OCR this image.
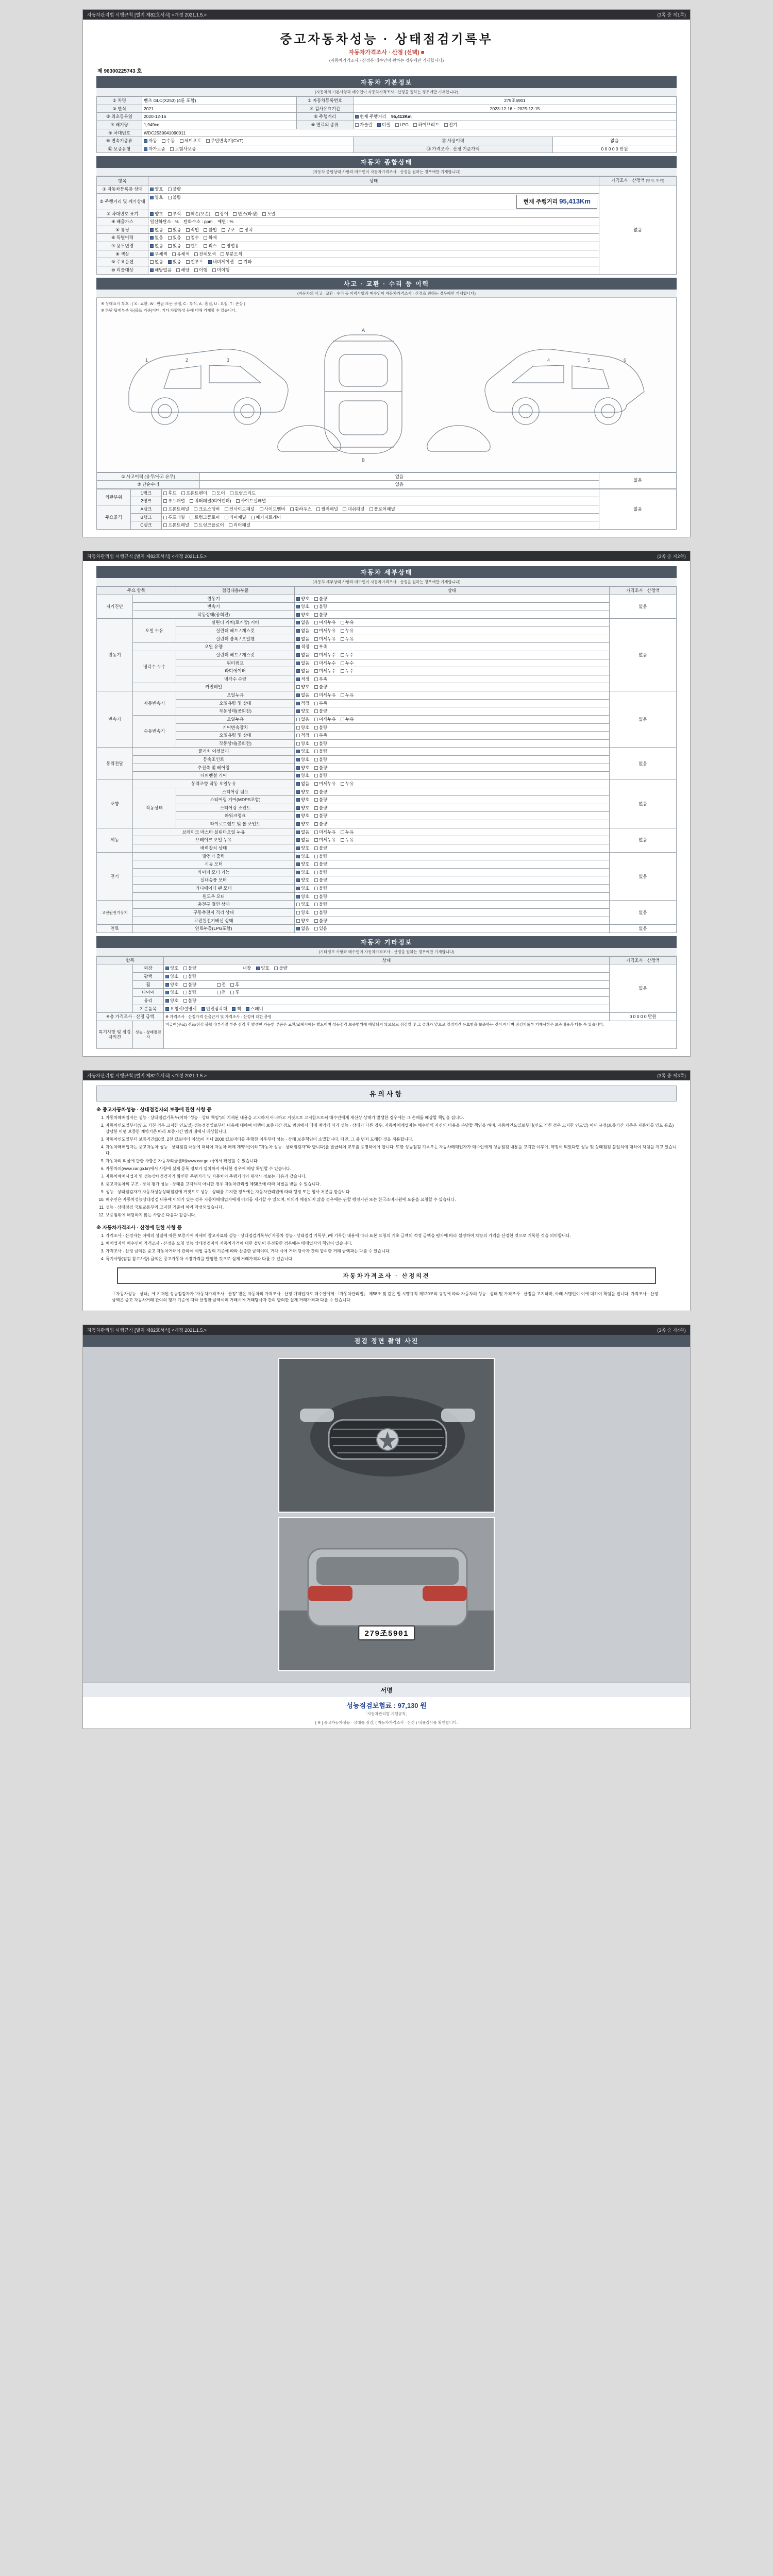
자동차관리법 시행규칙 [별지 제82호서식] <개정 2021.1.5.>	(3쪽 중 제1쪽)
중고자동차성능 · 상태점검기록부
자동차가격조사 · 산정 (선택) ■
(자동차가격조사 · 산정은 매수인이 원하는 경우에만 기재합니다)
제 96300225743 호
자동차 기본정보
(자동차의 기본사항과 매수인이 자동차가격조사 · 산정을 원하는 경우에만 기재합니다)
① 차명	벤츠 GLC(X253) (4륜 포함)	② 자동차등록번호	279조5901	
③ 연식	2021	④ 검사유효기간	2023-12-16 ~ 2025-12-15	
⑤ 최초등록일	2020-12-16	⑥ 주행거리	현재 주행거리 95,413Km	
⑦ 배기량	1,949cc	⑧ 연료의 종류	가솔린 디젤 LPG 하이브리드 전기	
⑨ 차대번호	WDC2539041090011			
⑩ 변속기종류	자동 수동 세미오토 무단변속기(CVT)		⑭ 사용이력	없음
⑫ 보증유형	자가보증 보험사보증		⑬ 가격조사 · 산정 기준가액	0 0 0 0 0 만원
자동차 종합상태
(자동차 종합상태 사항과 매수인이 자동차가격조사 · 산정을 원하는 경우에만 기재합니다)
항목	상태	가격조사 · 산정액 (단위: 만원)
① 자동차등록증 상태	양호 불량	없음
② 주행거리 및 계기상태	양호 불량
현재 주행거리 95,413Km	

③ 차대번호 표기	양호 부식 훼손(오손) 상이 변조(타정) 도말	
④ 배출가스	일산화탄소 : % 탄화수소 : ppm 매연 : %	
⑤ 튜닝	없음 있음 적법 불법 구조 장치	
⑥ 특별이력	없음 있음 침수 화재	
⑦ 용도변경	없음 있음 렌트 리스 영업용	
⑧ 색상	무채색 유채색 전체도색 부분도색	
⑨ 주요옵션	없음 있음 썬루프 내비게이션 기타	
⑩ 리콜대상	해당없음 해당 이행 미이행	
사고 · 교환 · 수리 등 이력
(자동차의 사고 · 교환 · 수리 등 이력사항과 매수인이 자동차가격조사 · 산정을 원하는 경우에만 기재합니다)
※ 상태표시 부호 : ( X : 교환, W : 판금 또는 용접, C : 부식, A : 흠집, U : 요철, T : 손상 )
※ 하단 탑재부분 등(볼트 기준)이며, 기타 차량특성 등에 대해 기재할 수 있습니다.
1	2	3
A
B
4	5	6
① 사고이력 (유무/사고 유무)	없음	없음
② 단순수리	없음	
외판부위	1랭크	후드 프론트펜더 도어 트렁크리드	없음
	2랭크	루프패널 쿼터패널(리어펜더) 사이드실패널	
주요골격	A랭크	프론트패널 크로스멤버 인사이드패널 사이드멤버 휠하우스 필러패널 대쉬패널 플로어패널	
	B랭크	루프레일 트렁크플로어 리어패널 패키지트레이	
	C랭크	프론트패널 트렁크플로어 리어패널	
자동차관리법 시행규칙 [별지 제82호서식] <개정 2021.1.5.>	(3쪽 중 제2쪽)
자동차 세부상태
(자동차 세부상태 사항과 매수인이 자동차가격조사 · 산정을 원하는 경우에만 기재합니다)
주요 항목		점검내용/부품	상태	가격조사 · 산정액
자기진단	원동기		양호 불량	없음
	변속기		양호 불량	
	작동상태(공회전)		양호 불량	
원동기	오일 누유	실린더 커버(로커암) 커버	없음 미세누유 누유	없음
		실린더 헤드 / 개스킷	없음 미세누유 누유	
		실린더 블록 / 오일팬	없음 미세누유 누유	
	오일 유량		적정 부족	
	냉각수 누수	실린더 헤드 / 개스킷	없음 미세누수 누수	
		워터펌프	없음 미세누수 누수	
		라디에이터	없음 미세누수 누수	
		냉각수 수량	적정 부족	
	커먼레일		양호 불량	
변속기	자동변속기	오일누유	없음 미세누유 누유	없음
		오일유량 및 상태	적정 부족	
		작동상태(공회전)	양호 불량	
	수동변속기	오일누유	없음 미세누유 누유	
		기어변속장치	양호 불량	
		오일유량 및 상태	적정 부족	
		작동상태(공회전)	양호 불량	
동력전달	클러치 어셈블리		양호 불량	없음
	등속조인트		양호 불량	
	추진축 및 베어링		양호 불량	
	디퍼렌셜 기어		양호 불량	
조향	동력조향 작동 오일누유		없음 미세누유 누유	없음
	작동상태	스티어링 펌프	양호 불량	
		스티어링 기어(MDPS포함)	양호 불량	
		스티어링 조인트	양호 불량	
		파워크랭크	양호 불량	
		타이로드엔드 및 볼 조인트	양호 불량	
제동	브레이크 마스터 실린더오일 누유		없음 미세누유 누유	없음
	브레이크 오일 누유		없음 미세누유 누유	
	배력장치 상태		양호 불량	
전기	발전기 출력		양호 불량	없음
	시동 모터		양호 불량	
	와이퍼 모터 기능		양호 불량	
	실내송풍 모터		양호 불량	
	라디에이터 팬 모터		양호 불량	
	윈도우 모터		양호 불량	
고전원전기장치	충전구 절연 상태		양호 불량	없음
	구동축전지 격리 상태		양호 불량	
	고전원전기배선 상태		양호 불량	
연료	연료누출(LPG포함)		없음 있음	없음
자동차 기타정보
(기타정보 사항과 매수인이 자동차가격조사 · 산정을 원하는 경우에만 기재합니다)
항목		상태	가격조사 · 산정액
	외장	양호 불량 내장 양호 불량	없음
	광택	양호 불량	
	휠	양호 불량 전 후	
	타이어	양호 불량 전 후	
	유리	양호 불량	
	기본품목	요청서/설명서 안전삼각대 잭 스패너	
※총 가격조사 · 산정 금액		※ 가격조사 · 산정가격 산출근거 및 가격조사 · 산정에 대한 총평	0 0 0 0 0 만원
특기사항 및 점검자의견	성능 · 상태점검자	비급여(무료) 진료/점검 불합리/부적절 부분 점검 후 발생한 가능한 부품은 교환/교체시에는 별도이며 성능점검 보증범위에 해당되지 않으므로 점검일 및 그 결과가 앞으로 일정기간 유효함을 보증하는 것이 아니며 점검기록부 기재사항은 보증내용과 다를 수 있습니다.	
자동차관리법 시행규칙 [별지 제82호서식] <개정 2021.1.5.>	(3쪽 중 제3쪽)
유의사항
※ 중고자동차성능 · 상태점검자의 보증에 관한 사항 등
1. 자동차매매업자는 성능 · 상태점검기록부(이하 "성능 · 상태 책임")의 기재된 내용을 고지하지 아니하고 거짓으로 고지함으로써 매수인에게 재산상 상해가 발생한 경우에는 그 손해를 배상할 책임을 집니다.
2. 자동차인도일부터(인도 거친 경우 고지한 인도일) 성능점검일로부터 내용에 대하여 이행이 보증기간 정도 범위에서 매매 계약에 따라 성능 · 상태가 다른 경우, 자동차매매업자는 해수인의 자신의 비용을 부담할 책임을 하며, 자동차인도일로부터(인도 거친 경우 고지한 인도일) 이내 규정(보증기간 기준은 자동차를 양도 유효) 상당한 이행 보증한 계약기준 따라 보증기간 범위 내에서 배상합니다.
3. 자동차인도일부터 보증기간(30일, 2천 킬로미터 이상)이 지나 2000 킬로미터를 주행한 이후부터 성능 · 상태 보증책임이 소멸합니다. 다만, 그 중 먼저 도래한 것을 적용합니다.
4. 자동차매매업자는 중고자동차 성능 · 상태점검 내용에 대하여 자동차 매매 계약서(이하 "자동차 성능 · 상태점검자"라 합니다)를 발급하여 교부를 증명하여야 합니다. 또한 성능점검 기록부는 자동차매매업자가 매수인에게 성능점검 내용을 고지한 이후에, 약정이 되었다면 성능 및 상태점검 불일치에 대하여 책임을 지고 있습니다.
5. 자동차의 리콜에 관한 사항은 자동차리콜센터(www.car.go.kr)에서 확인할 수 있습니다.
6. 자동차의(www.car.go.kr)에서 사항에 실제 등록 정보가 일치하지 아니한 경우에 해당 확인할 수 있습니다.
7. 자동차매매사업자 및 성능상태점검자가 확인한 주행거리 및 자동차의 주행거리의 제작사 정보는 다음과 같습니다.
8. 중고자동차의 구조 · 장치 평가 성능 · 상태를 고지하지 아니한 경우 자동차관리법 제58조에 따라 처벌을 받을 수 있습니다.
9. 성능 · 상태점검자가 자동차성능상태점검에 거짓으로 성능 · 상태를 고지한 경우에는 자동차관리법에 따라 행정 또는 형사 처분을 받습니다.
10. 매수인은 자동차성능상태점검 내용에 이의가 있는 경우 자동차매매업자에게 이의를 제기할 수 있으며, 이의가 해결되지 않을 경우에는 관할 행정기관 또는 한국소비자원에 도움을 요청할 수 있습니다.
11. 성능 · 상태점검 국토교통부의 고지한 기준에 따라 작성되었습니다.
12. 보증범위에 해당하지 않는 사항은 다음과 같습니다.
※ 자동차가격조사 · 산정에 관한 사항 등
1. 가격조사 · 산정자는 이에의 성질에 따른 보증기에 자세히 참고자료와 성능 · 상태점검기록부(「자동차 성능 · 상태점검 기록부」)에 기록한 내용에 따라 표본 요청의 기초 금액의 적정 금액을 평가에 따라 설정하여 차량의 가격을 산정한 것으로 기록한 것을 의미합니다.
2. 매매업자의 매수인이 가격조사 · 산정을 요청 성능 상태점검자의 자동차가격에 대한 설명이 부정확한 경우에는 매매업자의 책임이 있습니다.
3. 가격조사 · 산정 금액은 중고 자동차거래에 관하여 세법 규정의 기준에 따라 산출한 금액이며, 거래 시에 거래 당사자 간의 합의한 거래 금액과는 다를 수 있습니다.
4. 특기사항(점검 참고사항) 금액은 중고자동차 시장가격을 반영한 것으로 실제 거래가격과 다를 수 있습니다.
자동차가격조사 · 산정의견
「자동차성능 · 상태」에 기재된 성능점검자가 "자동차가격조사 · 산정" 받은 자동차의 가격조사 · 산정 매매업자로 매수인에게 「자동차관리법」 제58조 및 같은 법 시행규칙 제120조의 규정에 따라 자동차의 성능 · 상태 및 가격조사 · 산정을 고지하며, 아래 서명인이 이에 대하여 책임을 집니다. 가격조사 · 산정 금액은 중고 자동차거래 관여의 평가 기준에 따라 산정한 금액이며 거래시에 거래당사자 간의 합의한 실제 거래가격과 다를 수 있습니다.
자동차관리법 시행규칙 [별지 제82호서식] <개정 2021.1.5.>	(3쪽 중 제4쪽)
점검 정면 촬영 사진
279조5901
서명
성능점검보험료 : 97,130 원
「자동차관리법 시행규칙」
[ ※ ] 중고자동차성능 · 상태를 점검, ( 자동차가격조사 · 산정 ) 내용검사를 확인합니다.
